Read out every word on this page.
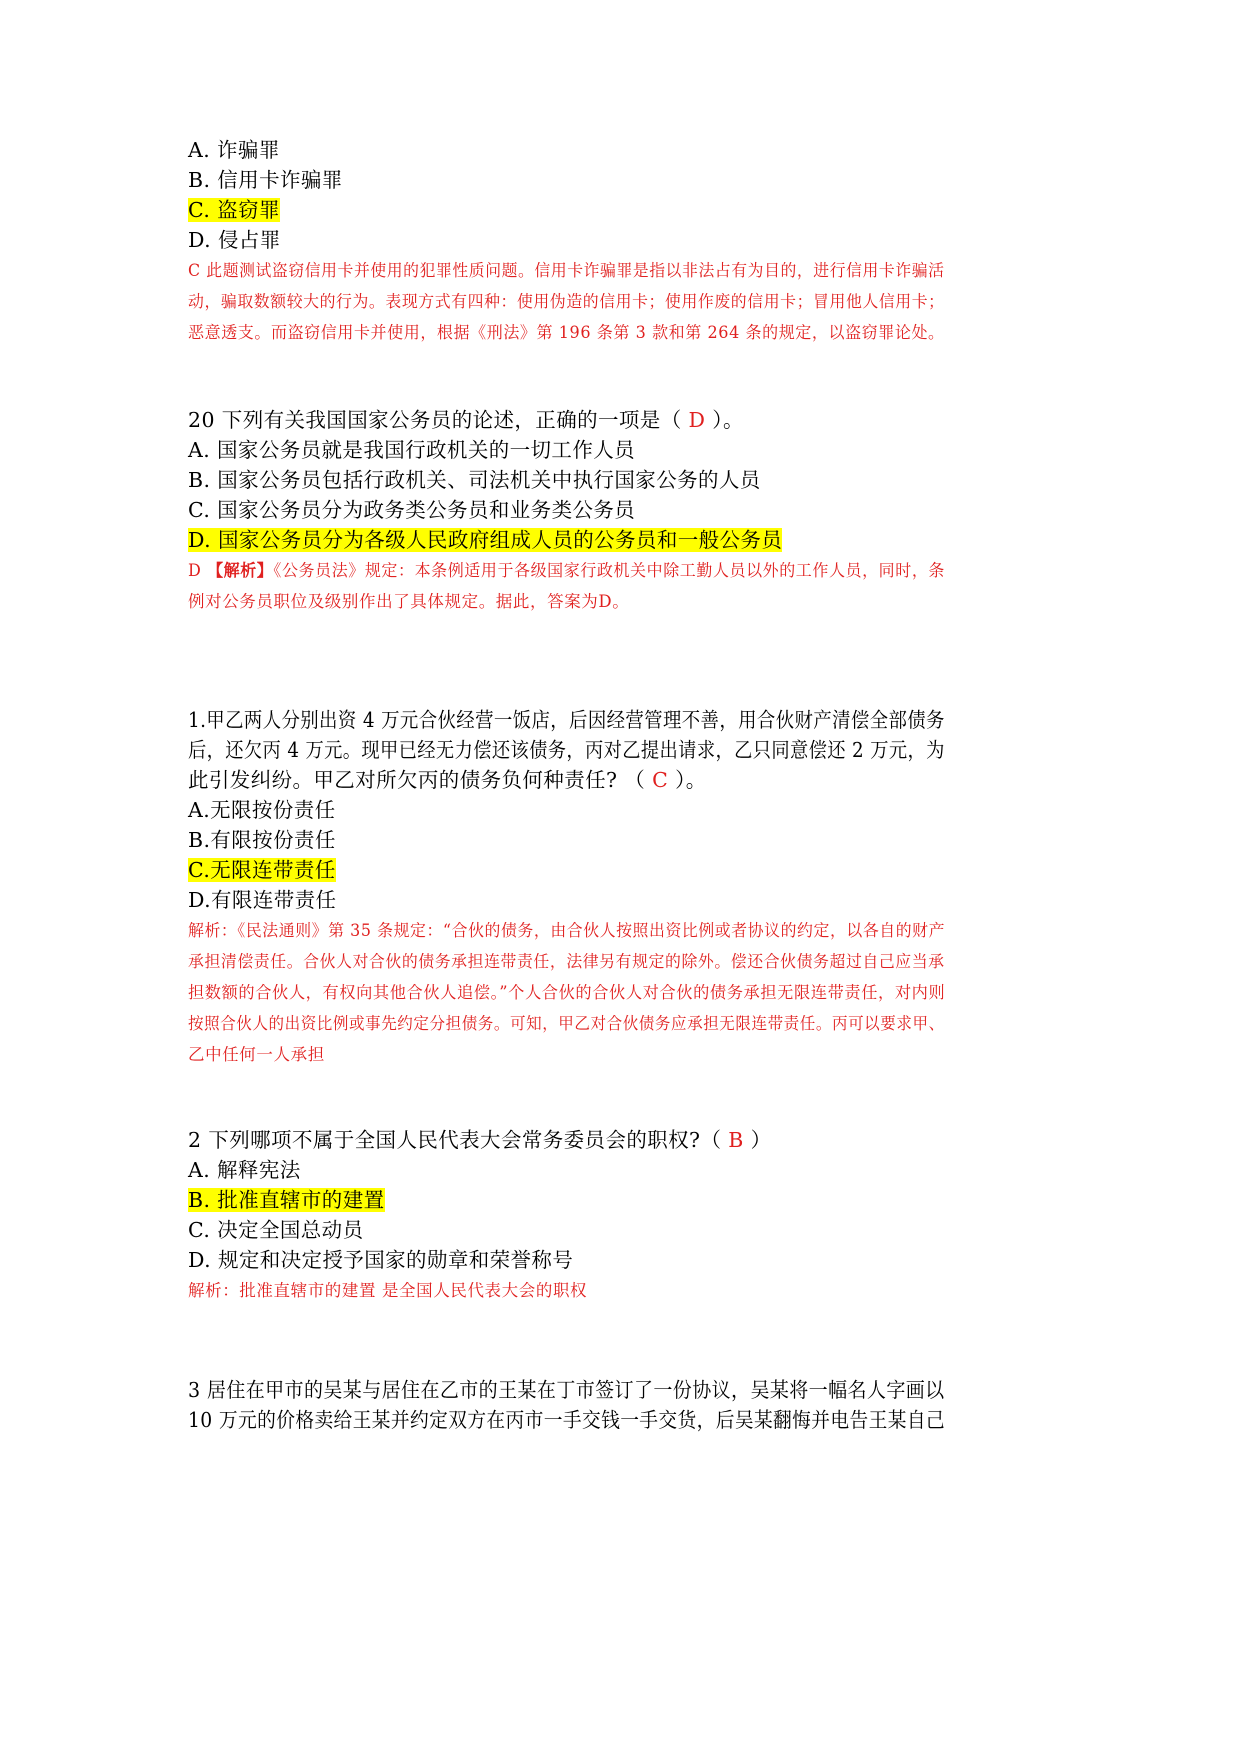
A. 诈骗罪
B. 信用卡诈骗罪
C. 盗窃罪
D. 侵占罪
C 此题测试盗窃信用卡并使用的犯罪性质问题。信用卡诈骗罪是指以非法占有为目的，进行信用卡诈骗活
动，骗取数额较大的行为。表现方式有四种：使用伪造的信用卡；使用作废的信用卡；冒用他人信用卡；
恶意透支。而盗窃信用卡并使用，根据《刑法》第 196 条第 3 款和第 264 条的规定，以盗窃罪论处。
20 下列有关我国国家公务员的论述，正确的一项是（ D ）。
A. 国家公务员就是我国行政机关的一切工作人员
B. 国家公务员包括行政机关、司法机关中执行国家公务的人员
C. 国家公务员分为政务类公务员和业务类公务员
D. 国家公务员分为各级人民政府组成人员的公务员和一般公务员
D 【解析】《公务员法》规定：本条例适用于各级国家行政机关中除工勤人员以外的工作人员，同时，条
例对公务员职位及级别作出了具体规定。据此，答案为D。
1.甲乙两人分别出资 4 万元合伙经营一饭店，后因经营管理不善，用合伙财产清偿全部债务
后，还欠丙 4 万元。现甲已经无力偿还该债务，丙对乙提出请求，乙只同意偿还 2 万元，为
此引发纠纷。甲乙对所欠丙的债务负何种责任? （ C ）。
A.无限按份责任
B.有限按份责任
C.无限连带责任
D.有限连带责任
解析：《民法通则》第 35 条规定：“合伙的债务，由合伙人按照出资比例或者协议的约定，以各自的财产
承担清偿责任。合伙人对合伙的债务承担连带责任，法律另有规定的除外。偿还合伙债务超过自己应当承
担数额的合伙人，有权向其他合伙人追偿。”个人合伙的合伙人对合伙的债务承担无限连带责任，对内则
按照合伙人的出资比例或事先约定分担债务。可知，甲乙对合伙债务应承担无限连带责任。丙可以要求甲、
乙中任何一人承担
2 下列哪项不属于全国人民代表大会常务委员会的职权?（ B ）
A. 解释宪法
B. 批准直辖市的建置
C. 决定全国总动员
D. 规定和决定授予国家的勋章和荣誉称号
解析：批准直辖市的建置 是全国人民代表大会的职权
3 居住在甲市的吴某与居住在乙市的王某在丁市签订了一份协议，吴某将一幅名人字画以
10 万元的价格卖给王某并约定双方在丙市一手交钱一手交货，后吴某翻悔并电告王某自己
